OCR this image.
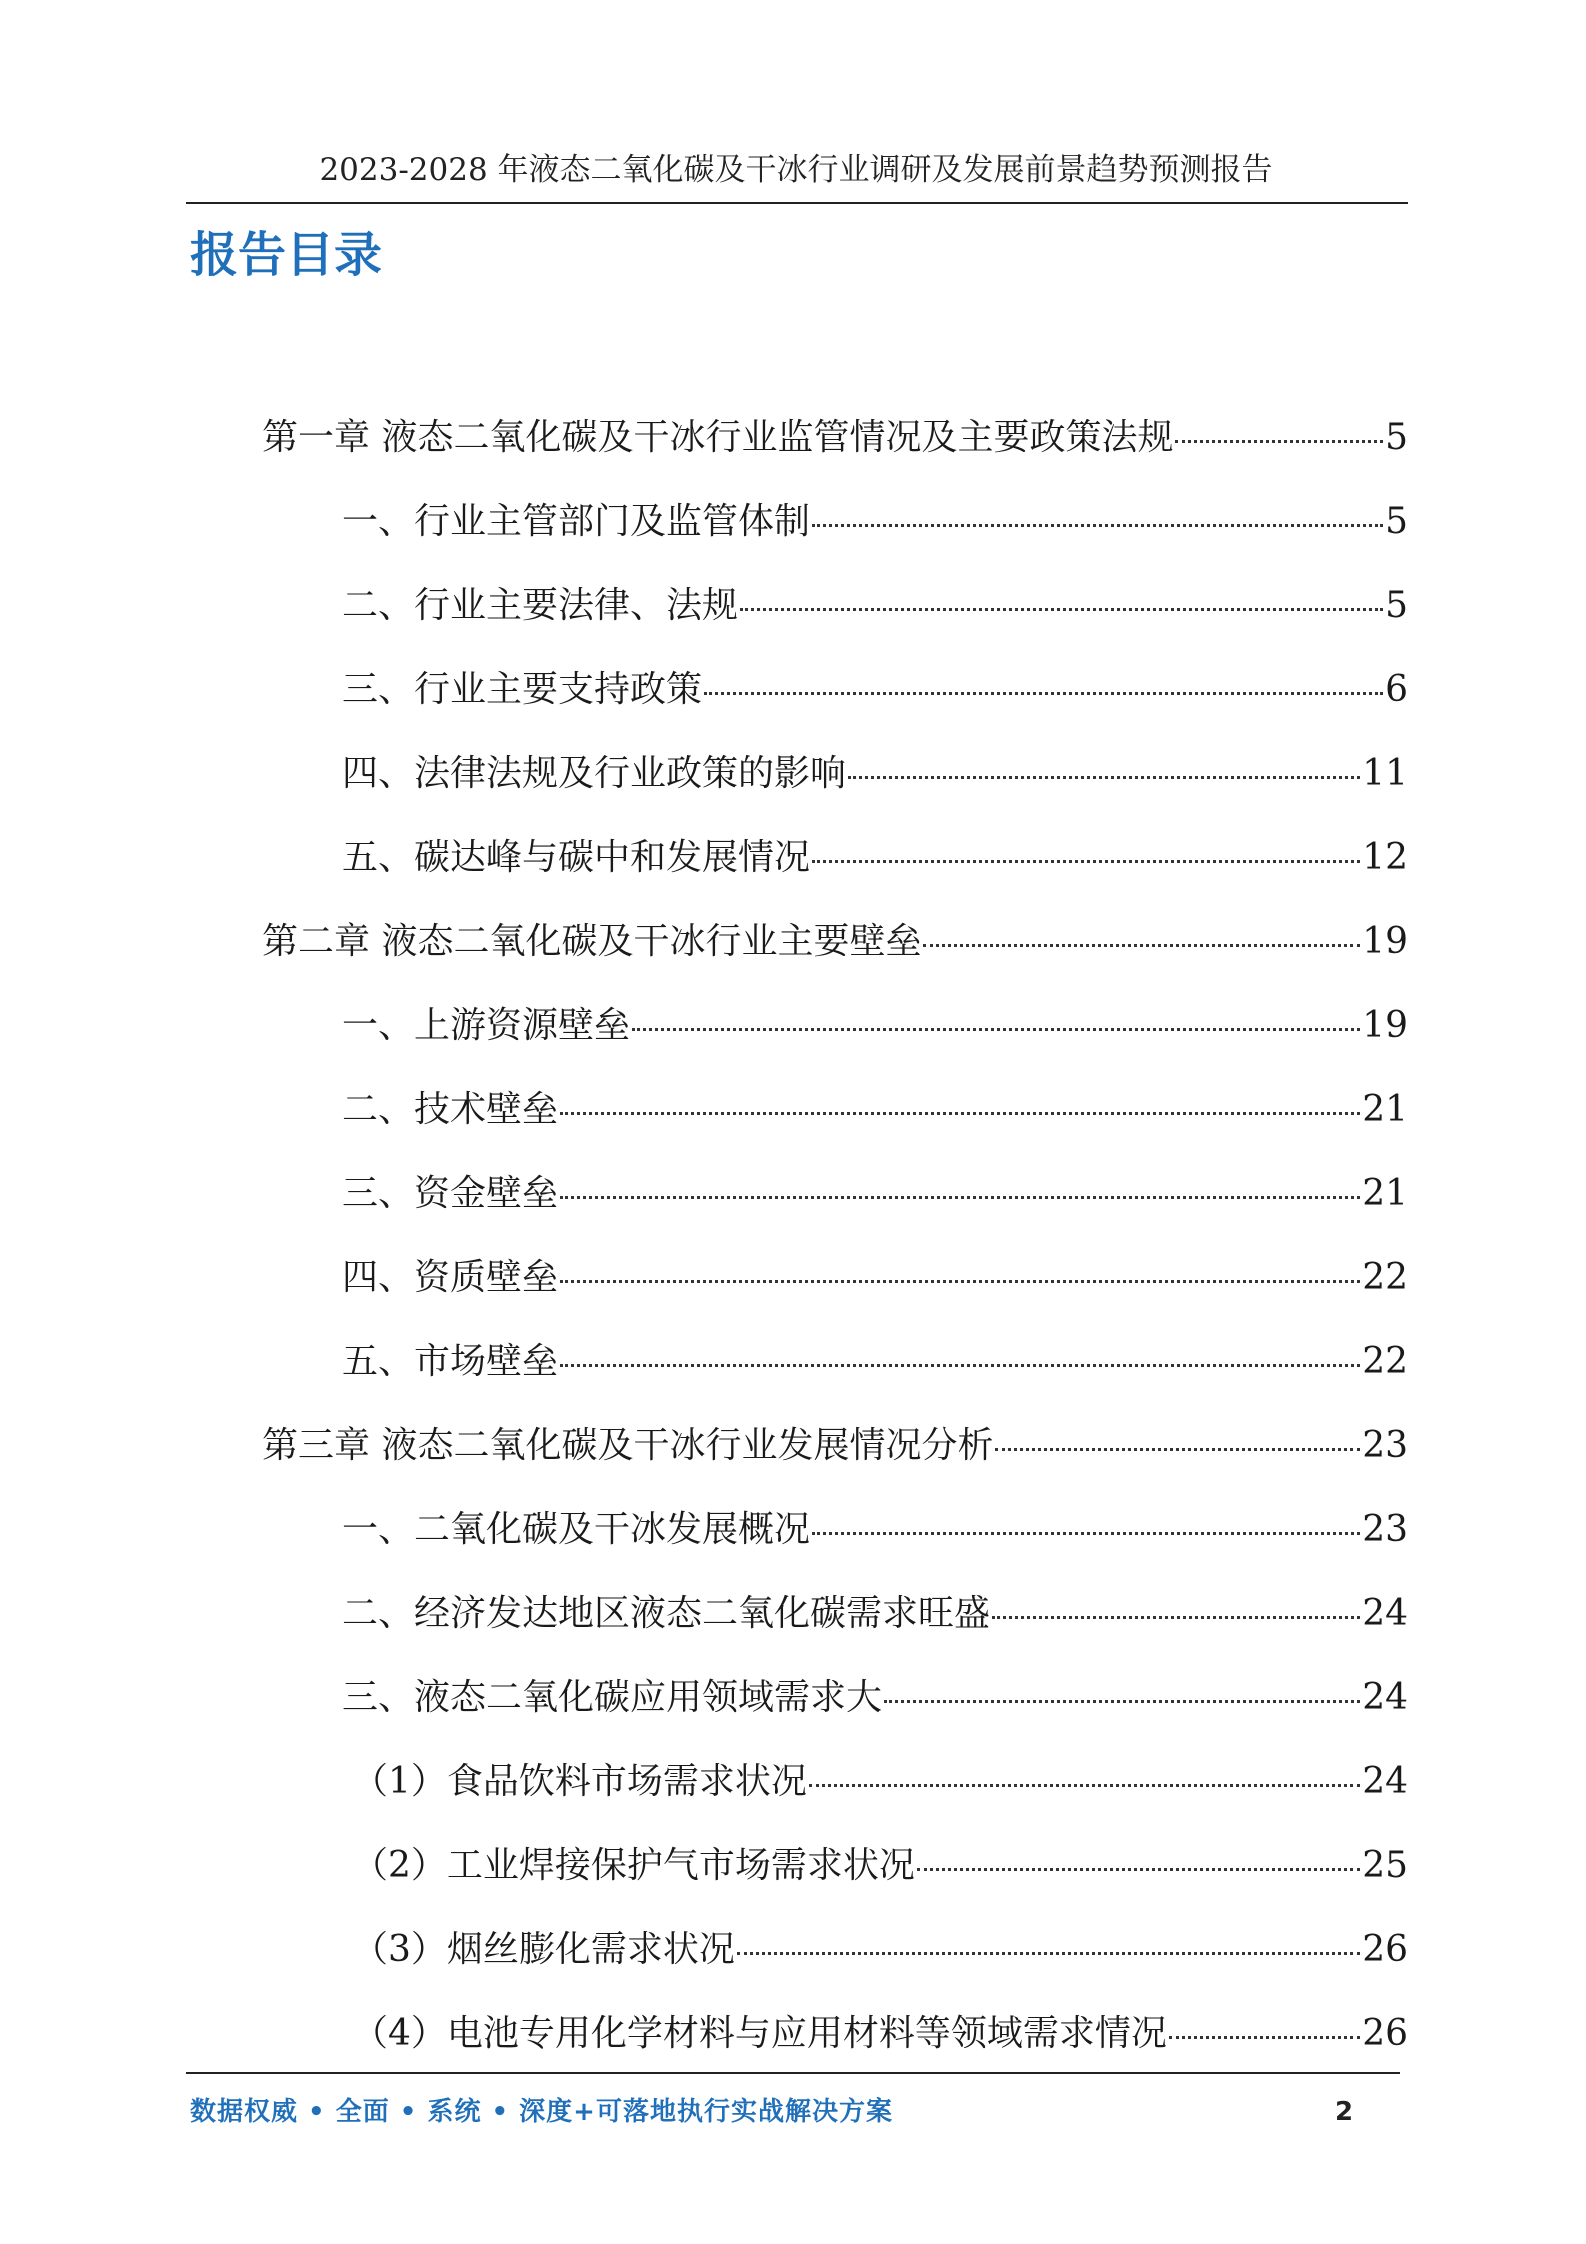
2023-2028 年液态二氧化碳及干冰行业调研及发展前景趋势预测报告
报告目录
第一章 液态二氧化碳及干冰行业监管情况及主要政策法规	5
一、行业主管部门及监管体制	5
二、行业主要法律、法规	5
三、行业主要支持政策	6
四、法律法规及行业政策的影响	11
五、碳达峰与碳中和发展情况	12
第二章 液态二氧化碳及干冰行业主要壁垒	19
一、上游资源壁垒	19
二、技术壁垒	21
三、资金壁垒	21
四、资质壁垒	22
五、市场壁垒	22
第三章 液态二氧化碳及干冰行业发展情况分析	23
一、二氧化碳及干冰发展概况	23
二、经济发达地区液态二氧化碳需求旺盛	24
三、液态二氧化碳应用领域需求大	24
（1）食品饮料市场需求状况	24
（2）工业焊接保护气市场需求状况	25
（3）烟丝膨化需求状况	26
（4）电池专用化学材料与应用材料等领域需求情况	26
数据权威 • 全面 • 系统 • 深度+可落地执行实战解决方案	2
